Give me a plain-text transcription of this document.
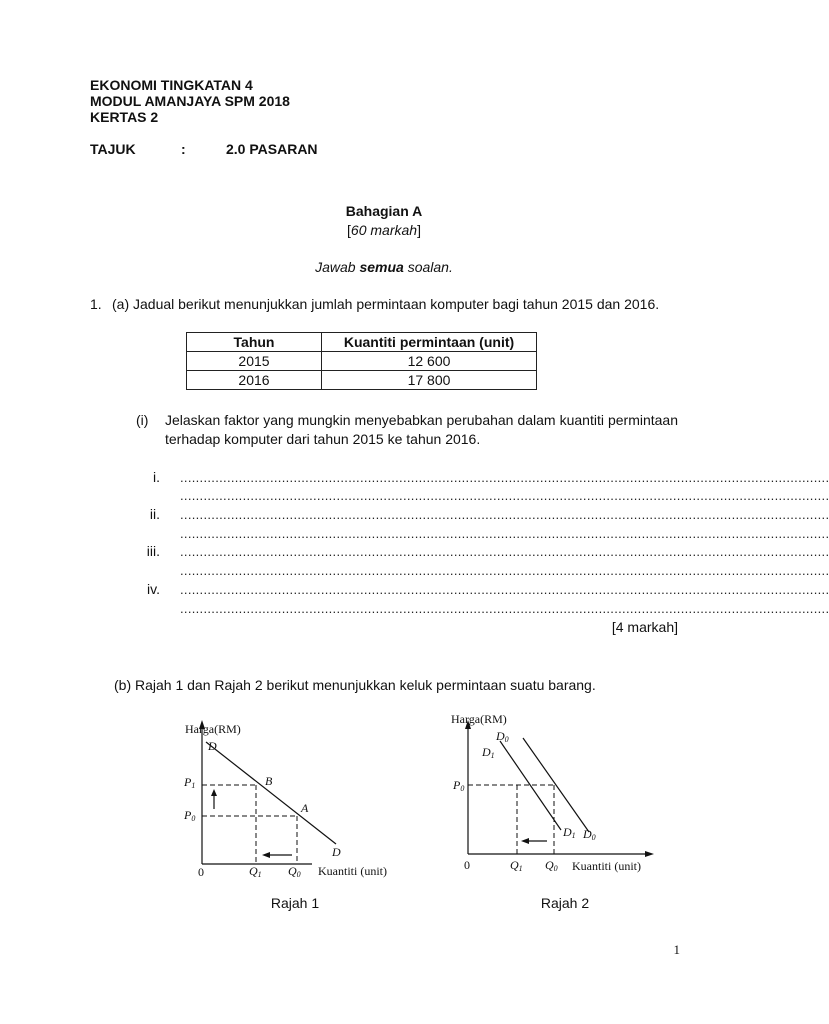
EKONOMI TINGKATAN 4
MODUL AMANJAYA SPM 2018
KERTAS 2
TAJUK	:	2.0 PASARAN
Bahagian A
[60 markah]
Jawab semua soalan.
1. (a) Jadual berikut menunjukkan jumlah permintaan komputer bagi tahun 2015 dan 2016.
Tahun	Kuantiti permintaan (unit)
2015	12 600
2016	17 800
(i) Jelaskan faktor yang mungkin menyebabkan perubahan dalam kuantiti permintaan
terhadap komputer dari tahun 2015 ke tahun 2016.
i. ......................................................................................................................................................................
......................................................................................................................................................................
ii. ......................................................................................................................................................................
......................................................................................................................................................................
iii. ......................................................................................................................................................................
......................................................................................................................................................................
iv. ......................................................................................................................................................................
......................................................................................................................................................................
[4 markah]
(b) Rajah 1 dan Rajah 2 berikut menunjukkan keluk permintaan suatu barang.
Harga(RM)
Kuantiti (unit)
0
D
D
B
A
P1
P0
Q1 Q0
Rajah 1
Harga(RM)
Kuantiti (unit)
0
D0
D1
D1 D0
P0
Q1 Q0
Rajah 2
1
